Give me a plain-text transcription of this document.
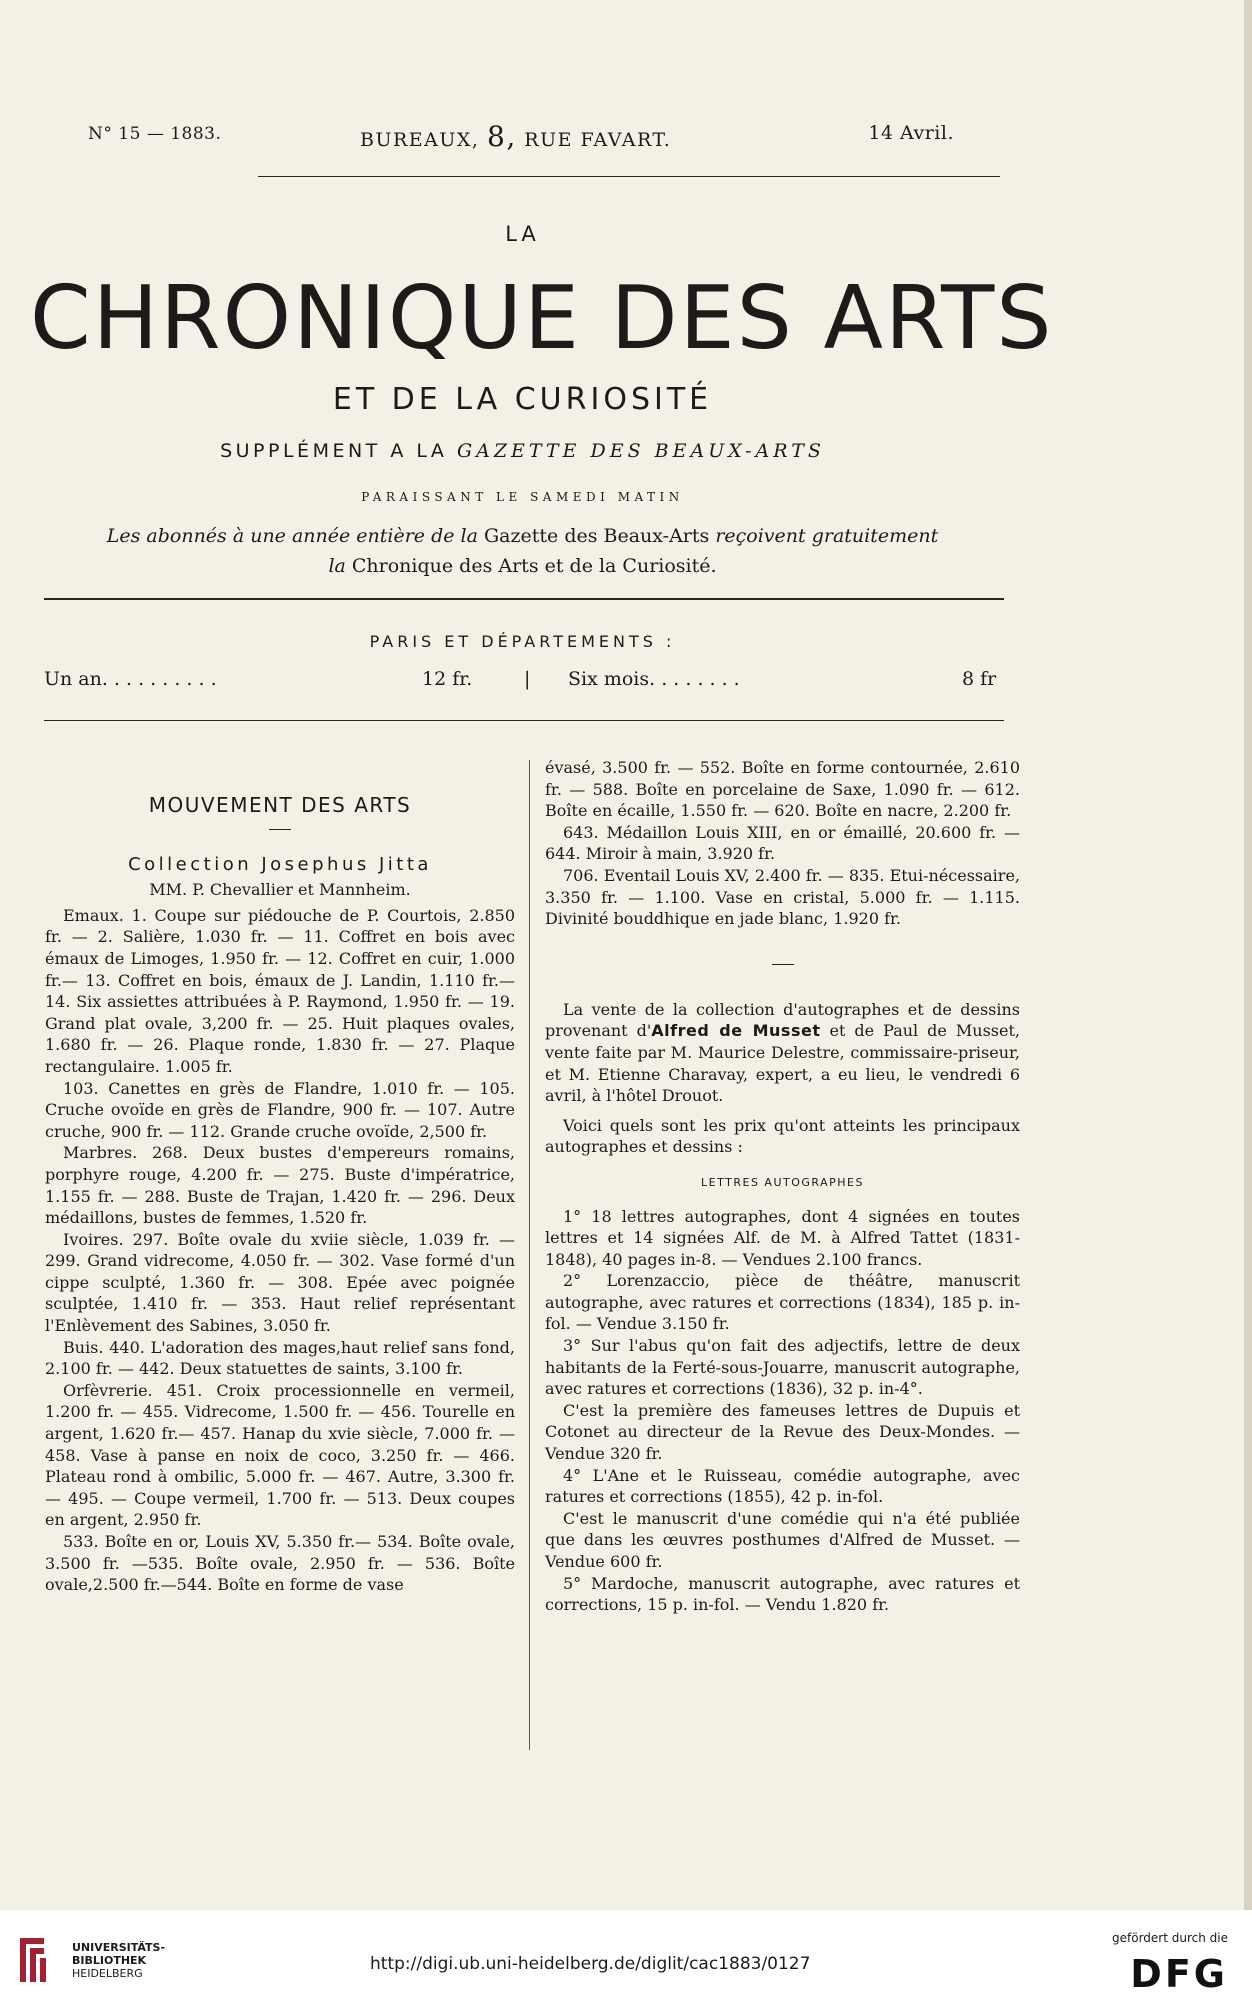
N° 15 — 1883.	BUREAUX, 8, RUE FAVART.	14 Avril.
LA
CHRONIQUE DES ARTS
ET DE LA CURIOSITÉ
SUPPLÉMENT A LA GAZETTE DES BEAUX-ARTS
PARAISSANT LE SAMEDI MATIN
Les abonnés à une année entière de la Gazette des Beaux-Arts reçoivent gratuitement
la Chronique des Arts et de la Curiosité.
PARIS ET DÉPARTEMENTS :
Un an. . . . . . . . . .	12 fr.	| Six mois. . . . . . . .	8 fr
MOUVEMENT DES ARTS
Collection Josephus Jitta
MM. P. Chevallier et Mannheim.

Emaux. 1. Coupe sur piédouche de P. Courtois, 2.850 fr. — 2. Salière, 1.030 fr. — 11. Coffret en bois avec émaux de Limoges, 1.950 fr. — 12. Coffret en cuir, 1.000 fr.— 13. Coffret en bois, émaux de J. Landin, 1.110 fr.—14. Six assiettes attribuées à P. Raymond, 1.950 fr. — 19. Grand plat ovale, 3,200 fr. — 25. Huit plaques ovales, 1.680 fr. — 26. Plaque ronde, 1.830 fr. — 27. Plaque rectangulaire. 1.005 fr.

103. Canettes en grès de Flandre, 1.010 fr. — 105. Cruche ovoïde en grès de Flandre, 900 fr. — 107. Autre cruche, 900 fr. — 112. Grande cruche ovoïde, 2,500 fr.

Marbres. 268. Deux bustes d'empereurs romains, porphyre rouge, 4.200 fr. — 275. Buste d'impératrice, 1.155 fr. — 288. Buste de Trajan, 1.420 fr. — 296. Deux médaillons, bustes de femmes, 1.520 fr.

Ivoires. 297. Boîte ovale du xviie siècle, 1.039 fr. — 299. Grand vidrecome, 4.050 fr. — 302. Vase formé d'un cippe sculpté, 1.360 fr. — 308. Epée avec poignée sculptée, 1.410 fr. — 353. Haut relief représentant l'Enlèvement des Sabines, 3.050 fr.

Buis. 440. L'adoration des mages,haut relief sans fond, 2.100 fr. — 442. Deux statuettes de saints, 3.100 fr.

Orfèvrerie. 451. Croix processionnelle en vermeil, 1.200 fr. — 455. Vidrecome, 1.500 fr. — 456. Tourelle en argent, 1.620 fr.— 457. Hanap du xvie siècle, 7.000 fr. — 458. Vase à panse en noix de coco, 3.250 fr. — 466. Plateau rond à ombilic, 5.000 fr. — 467. Autre, 3.300 fr. — 495. — Coupe vermeil, 1.700 fr. — 513. Deux coupes en argent, 2.950 fr.

533. Boîte en or, Louis XV, 5.350 fr.— 534. Boîte ovale, 3.500 fr. —535. Boîte ovale, 2.950 fr. — 536. Boîte ovale,2.500 fr.—544. Boîte en forme de vase

évasé, 3.500 fr. — 552. Boîte en forme contournée, 2.610 fr. — 588. Boîte en porcelaine de Saxe, 1.090 fr. — 612. Boîte en écaille, 1.550 fr. — 620. Boîte en nacre, 2.200 fr.

643. Médaillon Louis XIII, en or émaillé, 20.600 fr. — 644. Miroir à main, 3.920 fr.

706. Eventail Louis XV, 2.400 fr. — 835. Etui-nécessaire, 3.350 fr. — 1.100. Vase en cristal, 5.000 fr. — 1.115. Divinité bouddhique en jade blanc, 1.920 fr.

La vente de la collection d'autographes et de dessins provenant d'Alfred de Musset et de Paul de Musset, vente faite par M. Maurice Delestre, commissaire-priseur, et M. Etienne Charavay, expert, a eu lieu, le vendredi 6 avril, à l'hôtel Drouot.

Voici quels sont les prix qu'ont atteints les principaux autographes et dessins :

LETTRES AUTOGRAPHES

1° 18 lettres autographes, dont 4 signées en toutes lettres et 14 signées Alf. de M. à Alfred Tattet (1831-1848), 40 pages in-8. — Vendues 2.100 francs.

2° Lorenzaccio, pièce de théâtre, manuscrit autographe, avec ratures et corrections (1834), 185 p. in-fol. — Vendue 3.150 fr.

3° Sur l'abus qu'on fait des adjectifs, lettre de deux habitants de la Ferté-sous-Jouarre, manuscrit autographe, avec ratures et corrections (1836), 32 p. in-4°.

C'est la première des fameuses lettres de Dupuis et Cotonet au directeur de la Revue des Deux-Mondes. — Vendue 320 fr.

4° L'Ane et le Ruisseau, comédie autographe, avec ratures et corrections (1855), 42 p. in-fol.

C'est le manuscrit d'une comédie qui n'a été publiée que dans les œuvres posthumes d'Alfred de Musset. — Vendue 600 fr.

5° Mardoche, manuscrit autographe, avec ratures et corrections, 15 p. in-fol. — Vendu 1.820 fr.

UNIVERSITÄTS-
BIBLIOTHEK
HEIDELBERG	http://digi.ub.uni-heidelberg.de/diglit/cac1883/0127
gefördert durch die
DFG
